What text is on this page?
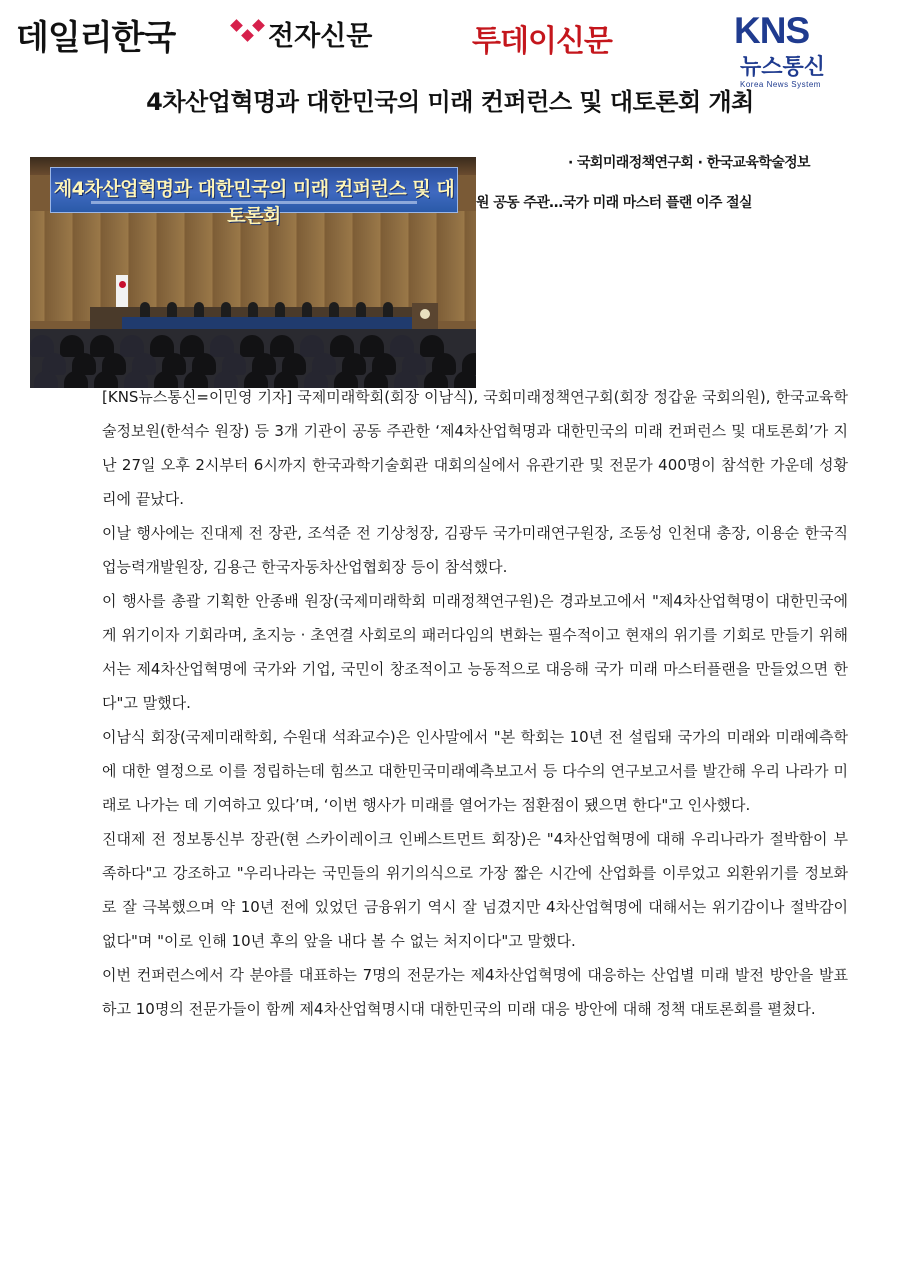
데일리한국	전자신문	투데이신문	KNS
뉴스통신
Korea News System
4차산업혁명과 대한민국의 미래 컨퍼런스 및 대토론회 개최
제4차산업혁명과 대한민국의 미래 컨퍼런스 및 대토론회
· 국회미래정책연구회 · 한국교육학술정보
원 공동 주관…국가 미래 마스터 플랜 이주 절실

[KNS뉴스통신=이민영 기자] 국제미래학회(회장 이남식), 국회미래정책연구회(회장 정갑윤 국회의원), 한국교육학술정보원(한석수 원장) 등 3개 기관이 공동 주관한 ‘제4차산업혁명과 대한민국의 미래 컨퍼런스 및 대토론회’가 지난 27일 오후 2시부터 6시까지 한국과학기술회관 대회의실에서 유관기관 및 전문가 400명이 참석한 가운데 성황리에 끝났다.

이날 행사에는 진대제 전 장관, 조석준 전 기상청장, 김광두 국가미래연구원장, 조동성 인천대 총장, 이용순 한국직업능력개발원장, 김용근 한국자동차산업협회장 등이 참석했다.

이 행사를 총괄 기획한 안종배 원장(국제미래학회 미래정책연구원)은 경과보고에서 "제4차산업혁명이 대한민국에게 위기이자 기회라며, 초지능 · 초연결 사회로의 패러다임의 변화는 필수적이고 현재의 위기를 기회로 만들기 위해서는 제4차산업혁명에 국가와 기업, 국민이 창조적이고 능동적으로 대응해 국가 미래 마스터플랜을 만들었으면 한다"고 말했다.

이남식 회장(국제미래학회, 수원대 석좌교수)은 인사말에서 "본 학회는 10년 전 설립돼 국가의 미래와 미래예측학에 대한 열정으로 이를 정립하는데 힘쓰고 대한민국미래예측보고서 등 다수의 연구보고서를 발간해 우리 나라가 미래로 나가는 데 기여하고 있다’며, ‘이번 행사가 미래를 열어가는 점환점이 됐으면 한다"고 인사했다.

진대제 전 정보통신부 장관(현 스카이레이크 인베스트먼트 회장)은 "4차산업혁명에 대해 우리나라가 절박함이 부족하다"고 강조하고 "우리나라는 국민들의 위기의식으로 가장 짧은 시간에 산업화를 이루었고 외환위기를 정보화로 잘 극복했으며 약 10년 전에 있었던 금융위기 역시 잘 넘겼지만 4차산업혁명에 대해서는 위기감이나 절박감이 없다"며 "이로 인해 10년 후의 앞을 내다 볼 수 없는 처지이다"고 말했다.

이번 컨퍼런스에서 각 분야를 대표하는 7명의 전문가는 제4차산업혁명에 대응하는 산업별 미래 발전 방안을 발표하고 10명의 전문가들이 함께 제4차산업혁명시대 대한민국의 미래 대응 방안에 대해 정책 대토론회를 펼쳤다.
